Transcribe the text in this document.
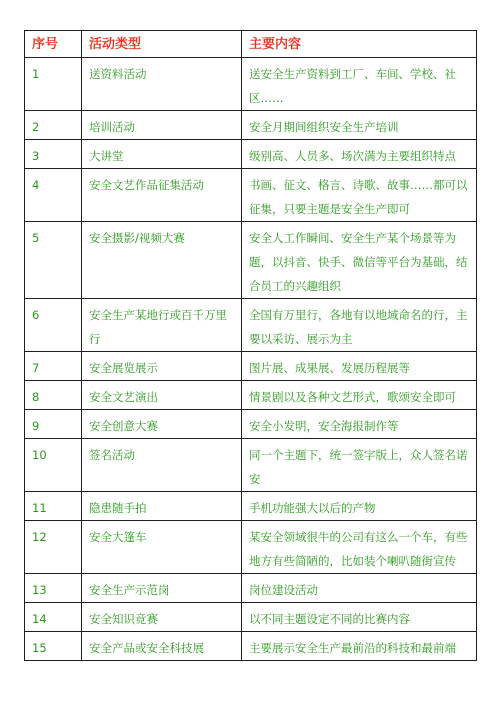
序号	活动类型	主要内容
1	送资料活动	送安全生产资料到工厂、车间、学校、社区……
2	培训活动	安全月期间组织安全生产培训
3	大讲堂	级别高、人员多、场次满为主要组织特点
4	安全文艺作品征集活动	书画、征文、格言、诗歌、故事……都可以征集，只要主题是安全生产即可
5	安全摄影/视频大赛	安全人工作瞬间、安全生产某个场景等为题，以抖音、快手、微信等平台为基础，结合员工的兴趣组织
6	安全生产某地行或百千万里行	全国有万里行，各地有以地域命名的行，主要以采访、展示为主
7	安全展览展示	图片展、成果展、发展历程展等
8	安全文艺演出	情景剧以及各种文艺形式，歌颂安全即可
9	安全创意大赛	安全小发明，安全海报制作等
10	签名活动	同一个主题下，统一签字版上，众人签名诺安
11	隐患随手拍	手机功能强大以后的产物
12	安全大篷车	某安全领域很牛的公司有这么一个车，有些地方有些简陋的，比如装个喇叭随街宣传
13	安全生产示范岗	岗位建设活动
14	安全知识竞赛	以不同主题设定不同的比赛内容
15	安全产品或安全科技展	主要展示安全生产最前沿的科技和最前端
